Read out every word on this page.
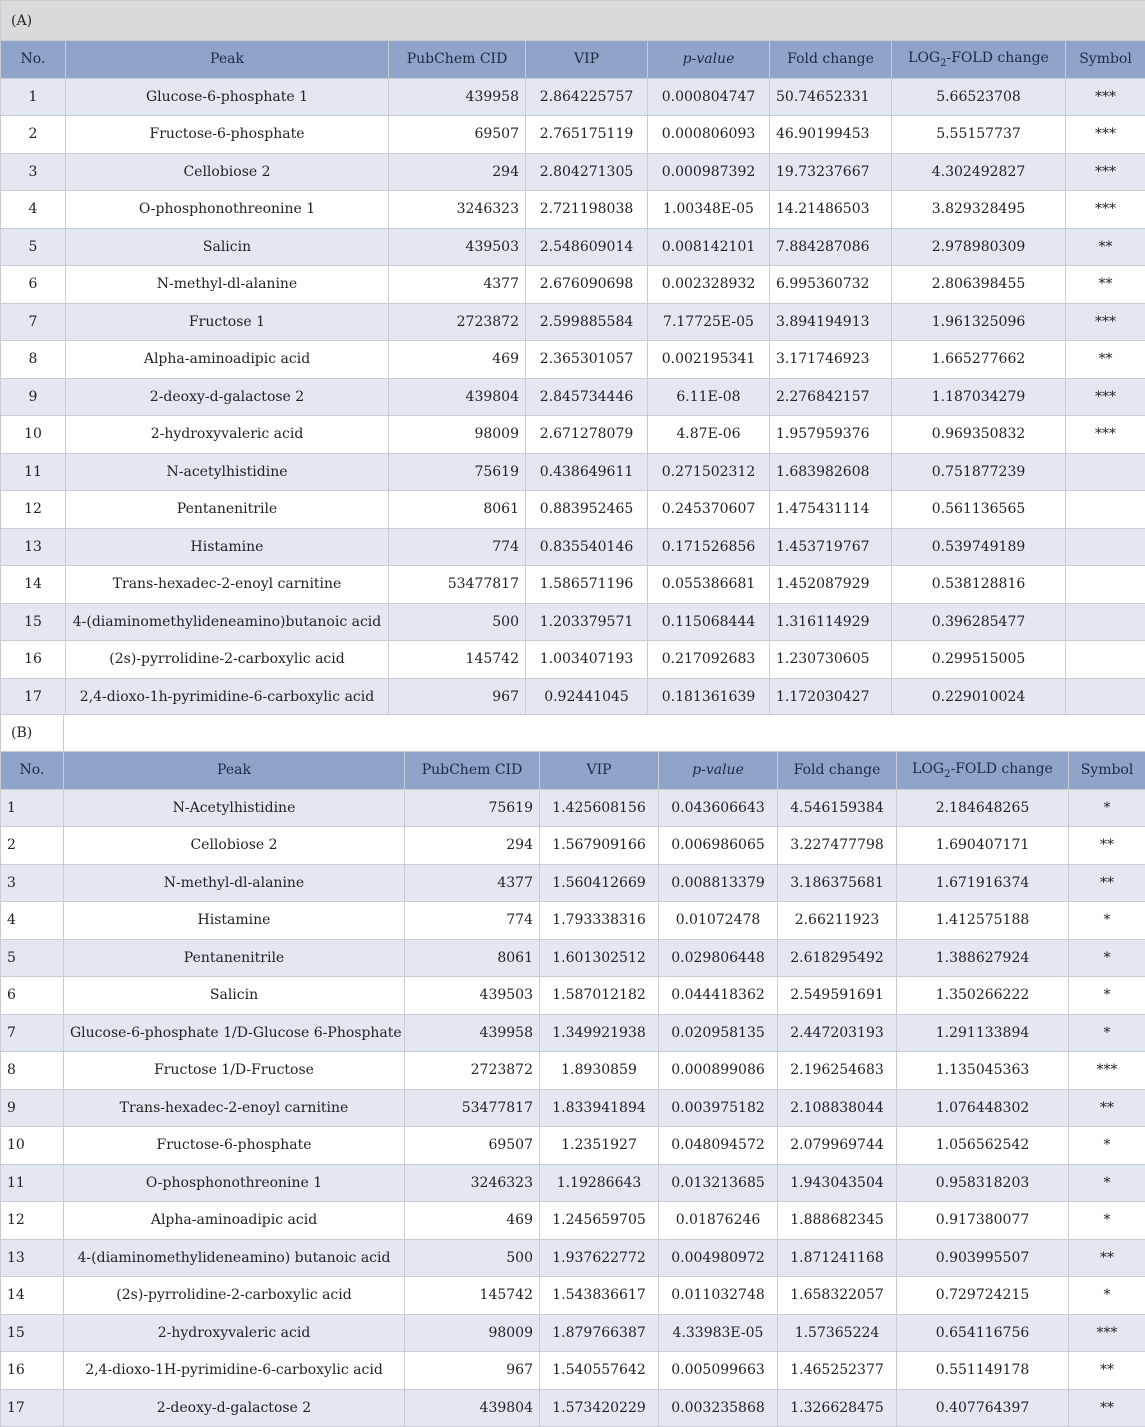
(A)							
No.	Peak	PubChem CID	VIP	p-value	Fold change	$LOG_2$-FOLD change	Symbol
1	Glucose-6-phosphate 1	439958	2.864225757	0.000804747	50.74652331	5.66523708	***
2	Fructose-6-phosphate	69507	2.765175119	0.000806093	46.90199453	5.55157737	***
3	Cellobiose 2	294	2.804271305	0.000987392	19.73237667	4.302492827	***
4	O-phosphonothreonine 1	3246323	2.721198038	1.00348E-05	14.21486503	3.829328495	***
5	Salicin	439503	2.548609014	0.008142101	7.884287086	2.978980309	**
6	N-methyl-dl-alanine	4377	2.676090698	0.002328932	6.995360732	2.806398455	**
7	Fructose 1	2723872	2.599885584	7.17725E-05	3.894194913	1.961325096	***
8	Alpha-aminoadipic acid	469	2.365301057	0.002195341	3.171746923	1.665277662	**
9	2-deoxy-d-galactose 2	439804	2.845734446	6.11E-08	2.276842157	1.187034279	***
10	2-hydroxyvaleric acid	98009	2.671278079	4.87E-06	1.957959376	0.969350832	***
11	N-acetylhistidine	75619	0.438649611	0.271502312	1.683982608	0.751877239	
12	Pentanenitrile	8061	0.883952465	0.245370607	1.475431114	0.561136565	
13	Histamine	774	0.835540146	0.171526856	1.453719767	0.539749189	
14	Trans-hexadec-2-enoyl carnitine	53477817	1.586571196	0.055386681	1.452087929	0.538128816	
15	4-(diaminomethylideneamino)butanoic acid	500	1.203379571	0.115068444	1.316114929	0.396285477	
16	(2s)-pyrrolidine-2-carboxylic acid	145742	1.003407193	0.217092683	1.230730605	0.299515005	
17	2,4-dioxo-1h-pyrimidine-6-carboxylic acid	967	0.92441045	0.181361639	1.172030427	0.229010024	
(B)							
No.	Peak	PubChem CID	VIP	p-value	Fold change	$LOG_2$-FOLD change	Symbol
1	N-Acetylhistidine	75619	1.425608156	0.043606643	4.546159384	2.184648265	*
2	Cellobiose 2	294	1.567909166	0.006986065	3.227477798	1.690407171	**
3	N-methyl-dl-alanine	4377	1.560412669	0.008813379	3.186375681	1.671916374	**
4	Histamine	774	1.793338316	0.01072478	2.66211923	1.412575188	*
5	Pentanenitrile	8061	1.601302512	0.029806448	2.618295492	1.388627924	*
6	Salicin	439503	1.587012182	0.044418362	2.549591691	1.350266222	*
7	Glucose-6-phosphate 1/D-Glucose 6-Phosphate	439958	1.349921938	0.020958135	2.447203193	1.291133894	*
8	Fructose 1/D-Fructose	2723872	1.8930859	0.000899086	2.196254683	1.135045363	***
9	Trans-hexadec-2-enoyl carnitine	53477817	1.833941894	0.003975182	2.108838044	1.076448302	**
10	Fructose-6-phosphate	69507	1.2351927	0.048094572	2.079969744	1.056562542	*
11	O-phosphonothreonine 1	3246323	1.19286643	0.013213685	1.943043504	0.958318203	*
12	Alpha-aminoadipic acid	469	1.245659705	0.01876246	1.888682345	0.917380077	*
13	4-(diaminomethylideneamino) butanoic acid	500	1.937622772	0.004980972	1.871241168	0.903995507	**
14	(2s)-pyrrolidine-2-carboxylic acid	145742	1.543836617	0.011032748	1.658322057	0.729724215	*
15	2-hydroxyvaleric acid	98009	1.879766387	4.33983E-05	1.57365224	0.654116756	***
16	2,4-dioxo-1H-pyrimidine-6-carboxylic acid	967	1.540557642	0.005099663	1.465252377	0.551149178	**
17	2-deoxy-d-galactose 2	439804	1.573420229	0.003235868	1.326628475	0.407764397	**
